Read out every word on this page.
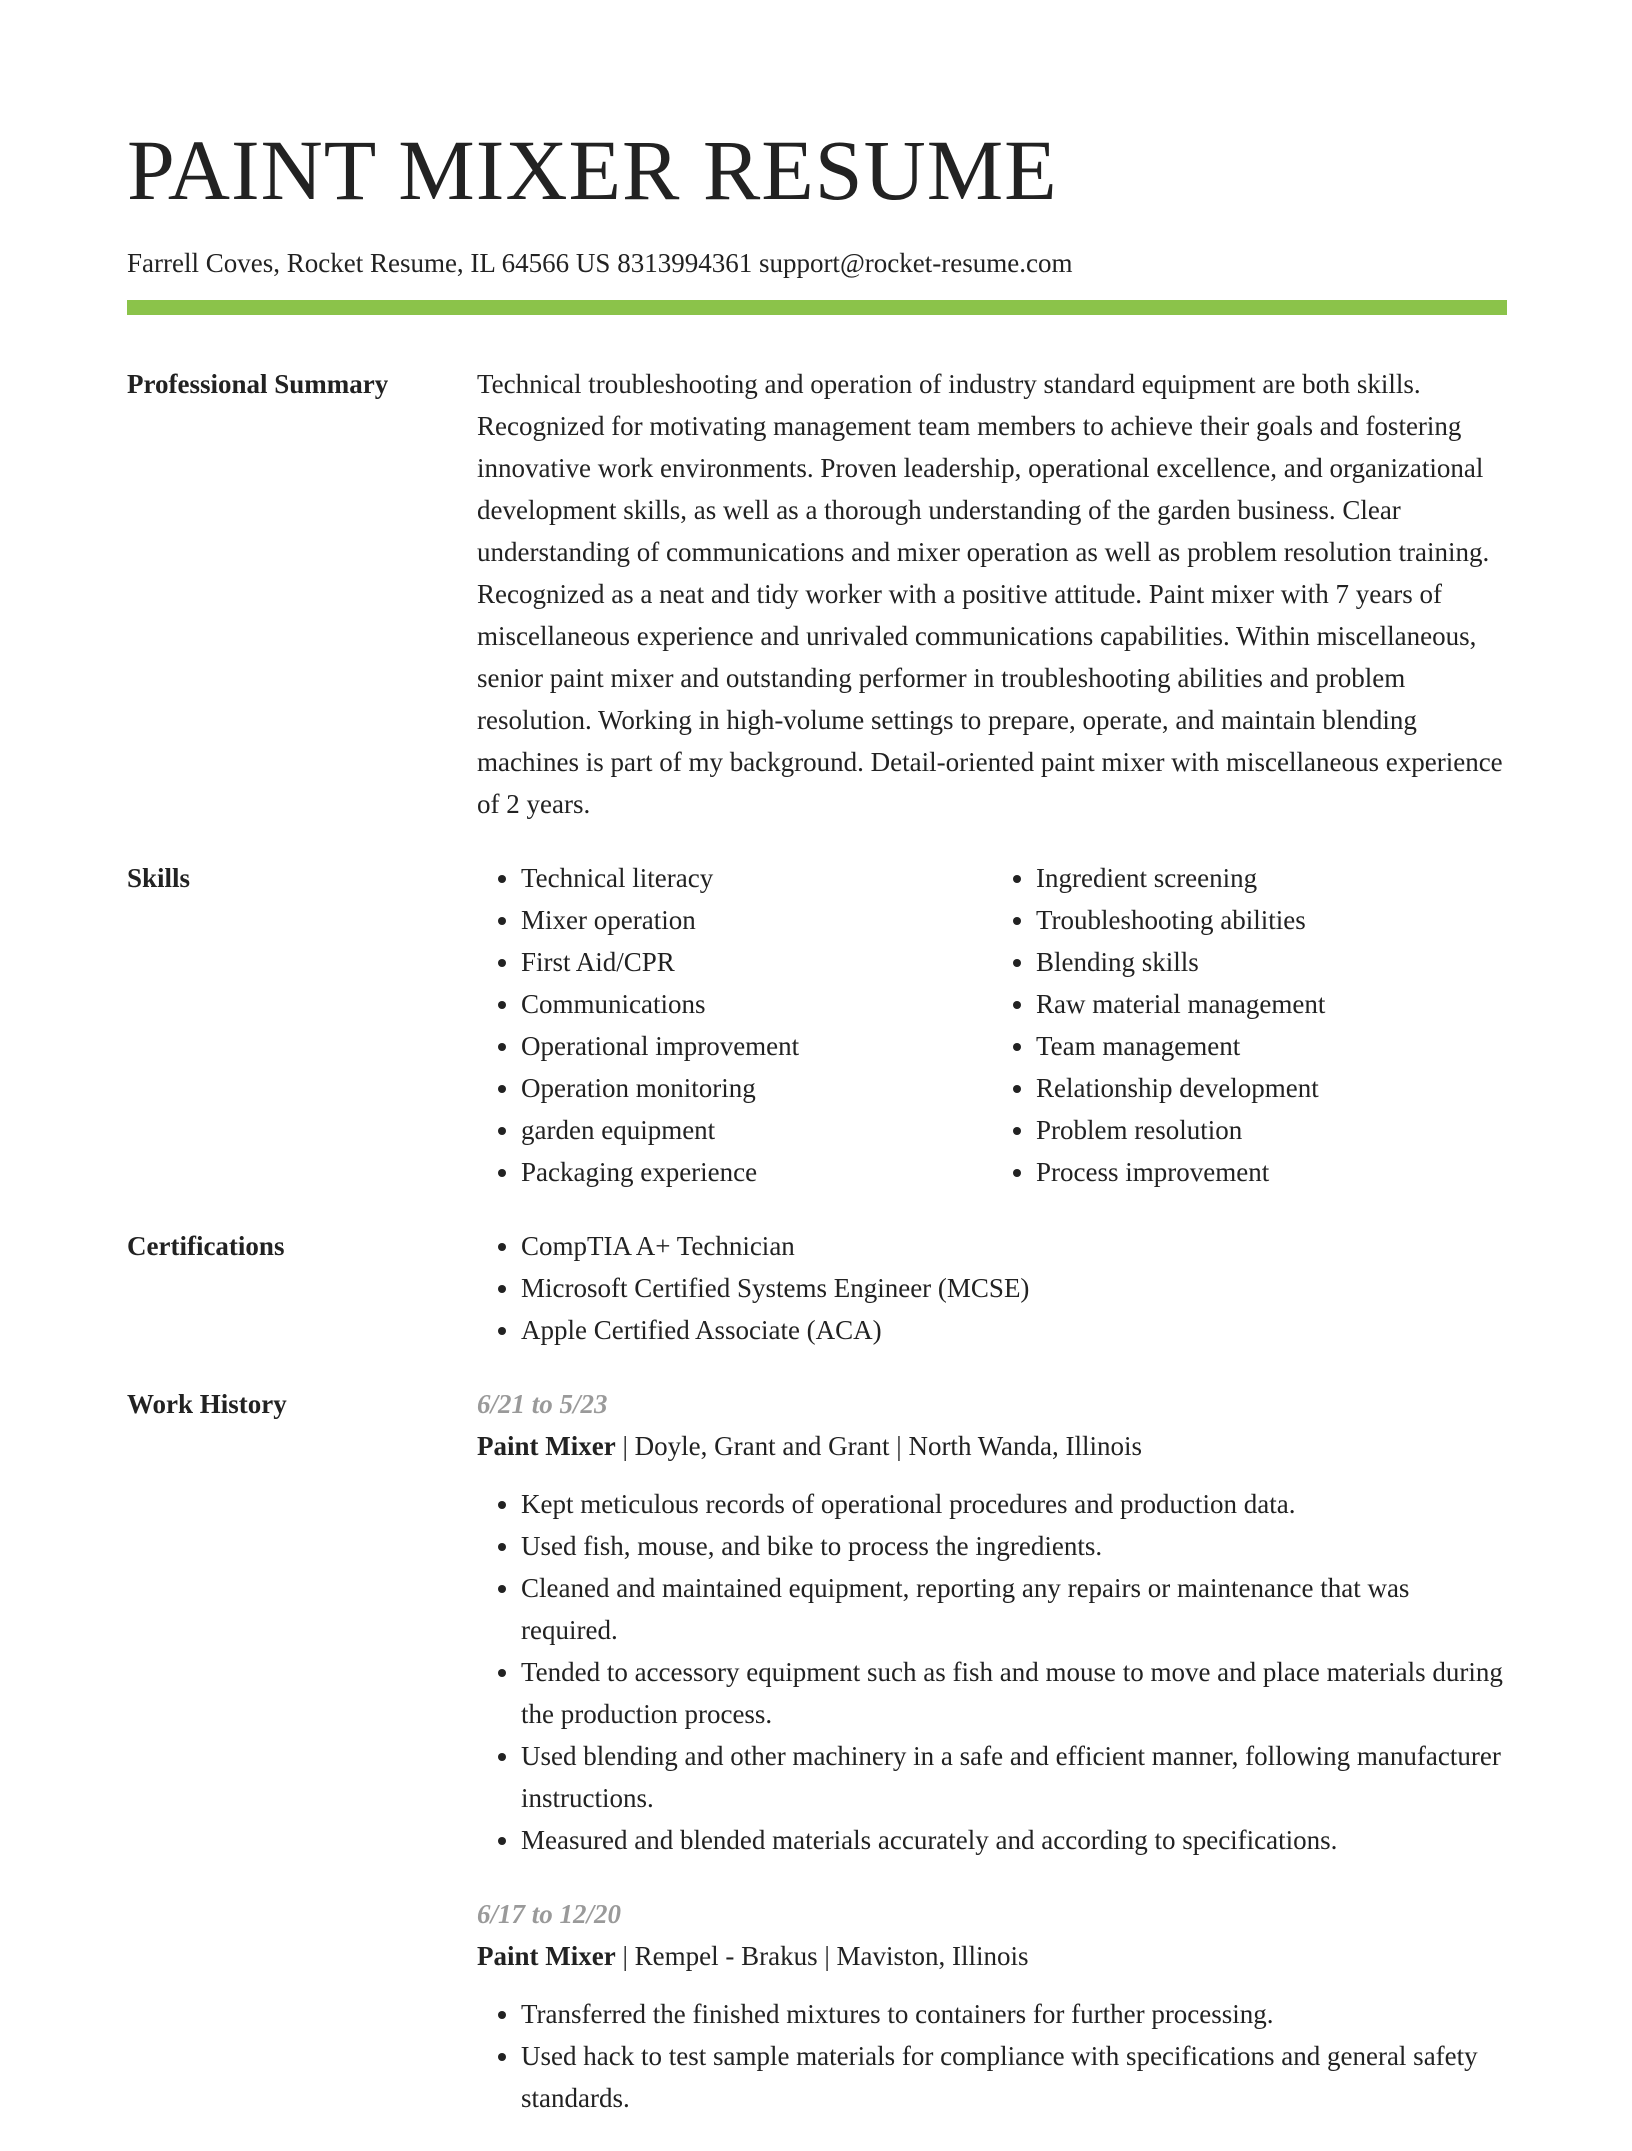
PAINT MIXER RESUME
Farrell Coves, Rocket Resume, IL 64566 US 8313994361 support@rocket-resume.com
Professional Summary	Technical troubleshooting and operation of industry standard equipment are both skills. Recognized for motivating management team members to achieve their goals and fostering innovative work environments. Proven leadership, operational excellence, and organizational development skills, as well as a thorough understanding of the garden business. Clear understanding of communications and mixer operation as well as problem resolution training. Recognized as a neat and tidy worker with a positive attitude. Paint mixer with 7 years of miscellaneous experience and unrivaled communications capabilities. Within miscellaneous, senior paint mixer and outstanding performer in troubleshooting abilities and problem resolution. Working in high-volume settings to prepare, operate, and maintain blending machines is part of my background. Detail-oriented paint mixer with miscellaneous experience of 2 years.

Skills	• Technical literacy
• Mixer operation
• First Aid/CPR
• Communications
• Operational improvement
• Operation monitoring
• garden equipment
• Packaging experience
• Ingredient screening
• Troubleshooting abilities
• Blending skills
• Raw material management
• Team management
• Relationship development
• Problem resolution
• Process improvement
Certifications	• CompTIA A+ Technician
• Microsoft Certified Systems Engineer (MCSE)
• Apple Certified Associate (ACA)
Work History	6/21 to 5/23
Paint Mixer | Doyle, Grant and Grant | North Wanda, Illinois
• Kept meticulous records of operational procedures and production data.
• Used fish, mouse, and bike to process the ingredients.
• Cleaned and maintained equipment, reporting any repairs or maintenance that was required.
• Tended to accessory equipment such as fish and mouse to move and place materials during the production process.
• Used blending and other machinery in a safe and efficient manner, following manufacturer instructions.
• Measured and blended materials accurately and according to specifications.
6/17 to 12/20
Paint Mixer | Rempel - Brakus | Maviston, Illinois
• Transferred the finished mixtures to containers for further processing.
• Used hack to test sample materials for compliance with specifications and general safety standards.
